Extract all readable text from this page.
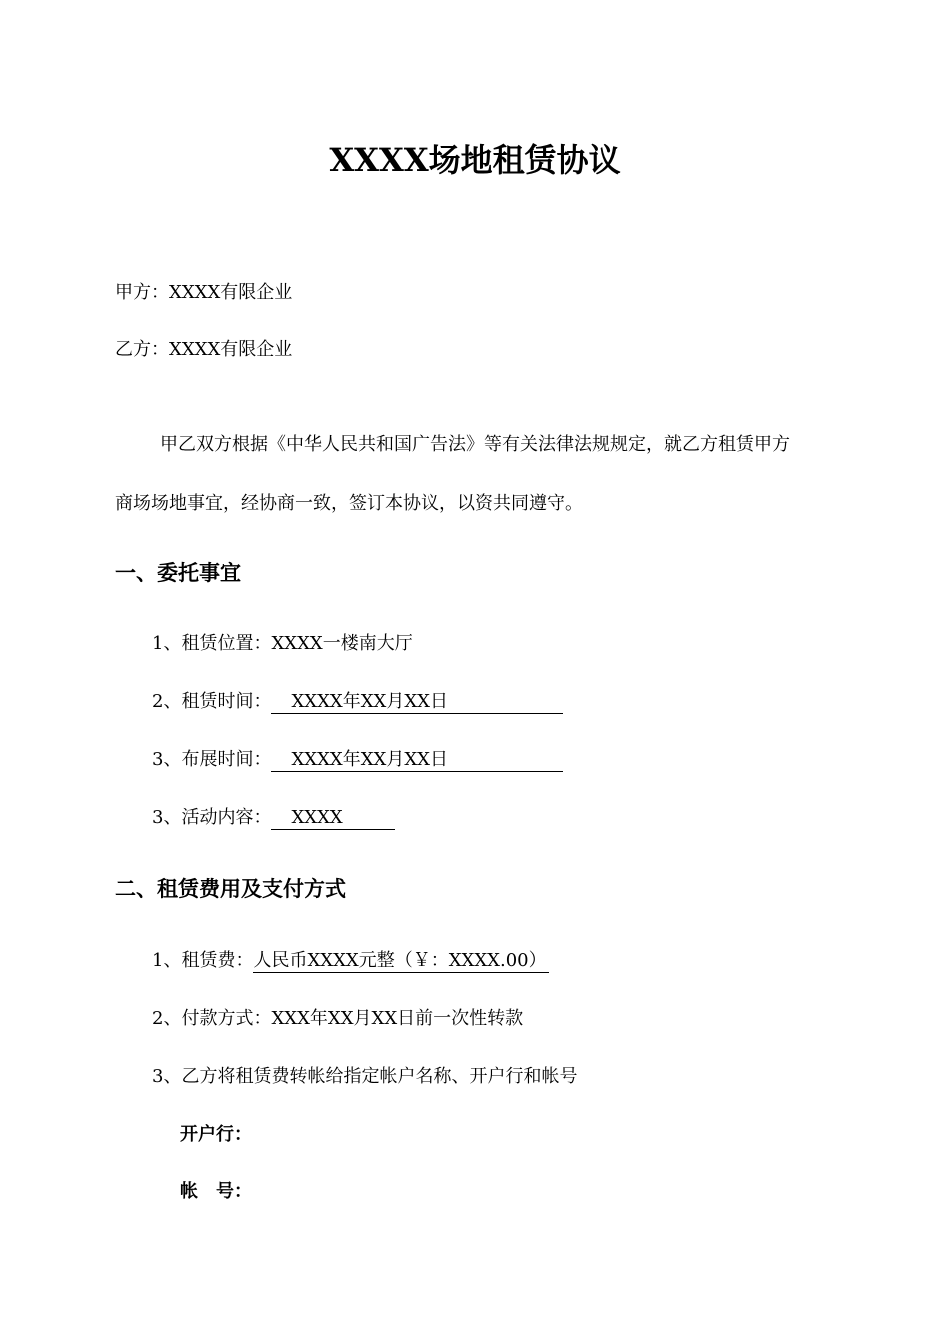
XXXX场地租赁协议
甲方：XXXX有限企业
乙方：XXXX有限企业
甲乙双方根据《中华人民共和国广告法》等有关法律法规规定，就乙方租赁甲方
商场场地事宜，经协商一致，签订本协议，以资共同遵守。
一、委托事宜
1、租赁位置：XXXX一楼南大厅
2、租赁时间： XXXX年XX月XX日
3、布展时间： XXXX年XX月XX日
3、活动内容： XXXX
二、租赁费用及支付方式
1、租赁费：人民币XXXX元整（￥：XXXX.00）
2、付款方式：XXX年XX月XX日前一次性转款
3、乙方将租赁费转帐给指定帐户名称、开户行和帐号
开户行：
帐　号：
